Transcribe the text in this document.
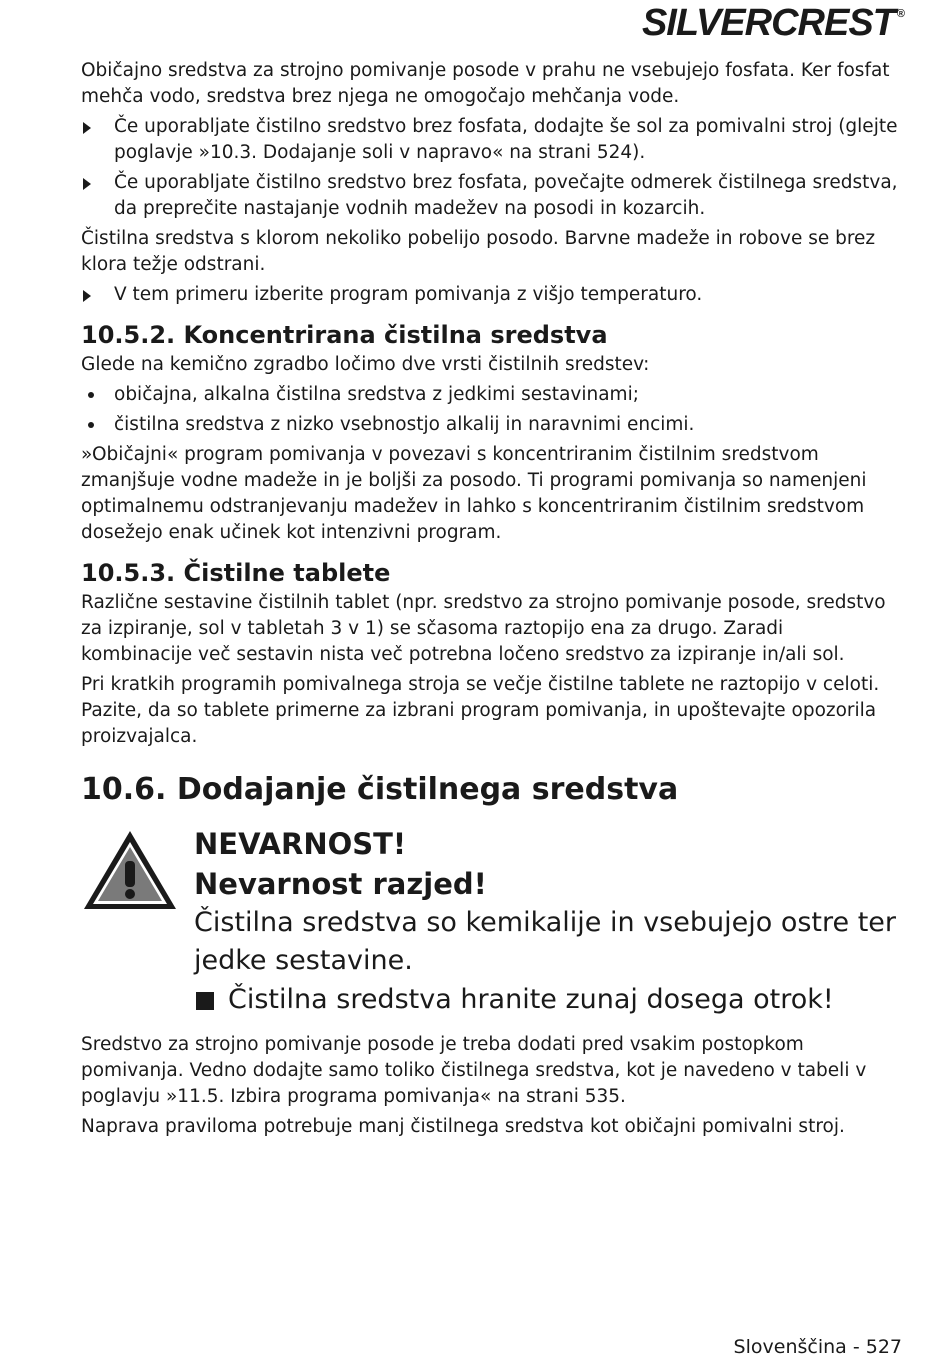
SILVERCREST ®

Običajno sredstva za strojno pomivanje posode v prahu ne vsebujejo fosfata. Ker fosfat mehča vodo, sredstva brez njega ne omogočajo mehčanja vode.

Če uporabljate čistilno sredstvo brez fosfata, dodajte še sol za pomivalni stroj (glejte poglavje »10.3. Dodajanje soli v napravo« na strani 524).
Če uporabljate čistilno sredstvo brez fosfata, povečajte odmerek čistilnega sredstva, da preprečite nastajanje vodnih madežev na posodi in kozarcih.

Čistilna sredstva s klorom nekoliko pobelijo posodo. Barvne madeže in robove se brez klora težje odstrani.

V tem primeru izberite program pomivanja z višjo temperaturo.
10.5.2. Koncentrirana čistilna sredstva

Glede na kemično zgradbo ločimo dve vrsti čistilnih sredstev:

običajna, alkalna čistilna sredstva z jedkimi sestavinami;
čistilna sredstva z nizko vsebnostjo alkalij in naravnimi encimi.

»Običajni« program pomivanja v povezavi s koncentriranim čistilnim sredstvom zmanjšuje vodne madeže in je boljši za posodo. Ti programi pomivanja so namenjeni optimalnemu odstranjevanju madežev in lahko s koncentriranim čistilnim sredstvom dosežejo enak učinek kot intenzivni program.

10.5.3. Čistilne tablete

Različne sestavine čistilnih tablet (npr. sredstvo za strojno pomivanje posode, sredstvo za izpiranje, sol v tabletah 3 v 1) se sčasoma raztopijo ena za drugo. Zaradi kombinacije več sestavin nista več potrebna ločeno sredstvo za izpiranje in/ali sol.

Pri kratkih programih pomivalnega stroja se večje čistilne tablete ne raztopijo v celoti. Pazite, da so tablete primerne za izbrani program pomivanja, in upoštevajte opozorila proizvajalca.

10.6. Dodajanje čistilnega sredstva
NEVARNOST!
Nevarnost razjed!
Čistilna sredstva so kemikalije in vsebujejo ostre ter jedke sestavine.
Čistilna sredstva hranite zunaj dosega otrok!

Sredstvo za strojno pomivanje posode je treba dodati pred vsakim postopkom pomivanja. Vedno dodajte samo toliko čistilnega sredstva, kot je navedeno v tabeli v poglavju »11.5. Izbira programa pomivanja« na strani 535.

Naprava praviloma potrebuje manj čistilnega sredstva kot običajni pomivalni stroj.

Slovenščina - 527
